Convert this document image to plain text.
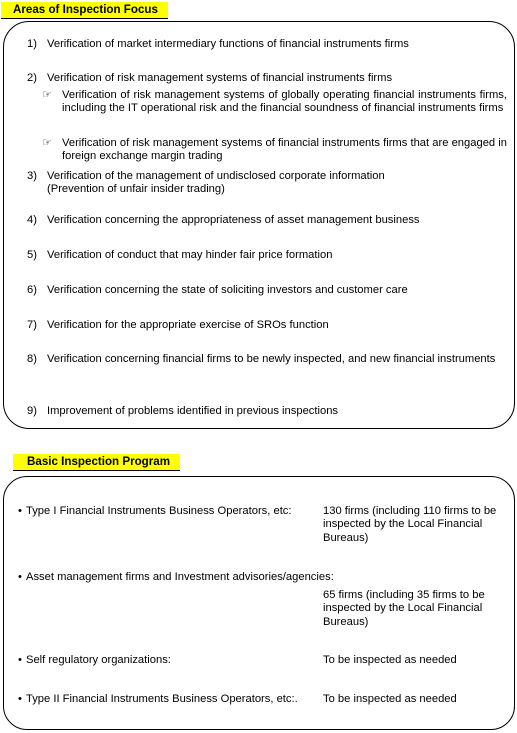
Areas of Inspection Focus
1) Verification of market intermediary functions of financial instruments firms
2) Verification of risk management systems of financial instruments firms
☞ Verification of risk management systems of globally operating financial instruments firms, including the IT operational risk and the financial soundness of financial instruments firms
☞ Verification of risk management systems of financial instruments firms that are engaged in foreign exchange margin trading
3) Verification of the management of undisclosed corporate information
(Prevention of unfair insider trading)
4) Verification concerning the appropriateness of asset management business
5) Verification of conduct that may hinder fair price formation
6) Verification concerning the state of soliciting investors and customer care
7) Verification for the appropriate exercise of SROs function
8) Verification concerning financial firms to be newly inspected, and new financial instruments
9) Improvement of problems identified in previous inspections
Basic Inspection Program
• Type I Financial Instruments Business Operators, etc:	130 firms (including 110 firms to be inspected by the Local Financial Bureaus)
• Asset management firms and Investment advisories/agencies:
65 firms (including 35 firms to be inspected by the Local Financial Bureaus)
• Self regulatory organizations:	To be inspected as needed
• Type II Financial Instruments Business Operators, etc:.	To be inspected as needed
